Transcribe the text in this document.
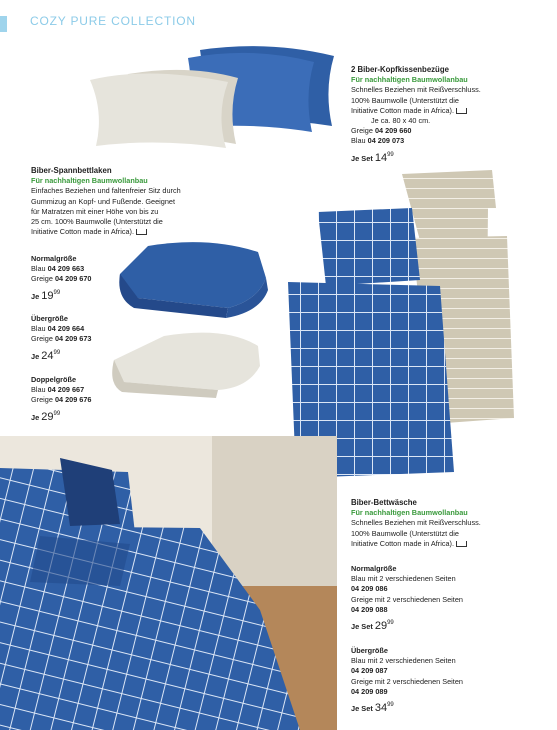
COZY PURE COLLECTION
2 Biber-Kopfkissenbezüge
Für nachhaltigen Baumwollanbau
Schnelles Beziehen mit Reißverschluss.
100% Baumwolle (Unterstützt die
Initiative Cotton made in Africa).
Je ca. 80 x 40 cm.
Greige 04 209 660
Blau 04 209 073
Je Set $14^{99}$
Biber-Spannbettlaken
Für nachhaltigen Baumwollanbau
Einfaches Beziehen und faltenfreier Sitz durch
Gummizug an Kopf- und Fußende. Geeignet
für Matratzen mit einer Höhe von bis zu
25 cm. 100% Baumwolle (Unterstützt die
Initiative Cotton made in Africa).
Normalgröße
Blau 04 209 663
Greige 04 209 670
Je $19^{99}$
Übergröße
Blau 04 209 664
Greige 04 209 673
Je $24^{99}$
Doppelgröße
Blau 04 209 667
Greige 04 209 676
Je $29^{99}$
Biber-Bettwäsche
Für nachhaltigen Baumwollanbau
Schnelles Beziehen mit Reißverschluss.
100% Baumwolle (Unterstützt die
Initiative Cotton made in Africa).
Normalgröße
Blau mit 2 verschiedenen Seiten
04 209 086
Greige mit 2 verschiedenen Seiten
04 209 088
Je Set $29^{99}$
Übergröße
Blau mit 2 verschiedenen Seiten
04 209 087
Greige mit 2 verschiedenen Seiten
04 209 089
Je Set $34^{99}$
